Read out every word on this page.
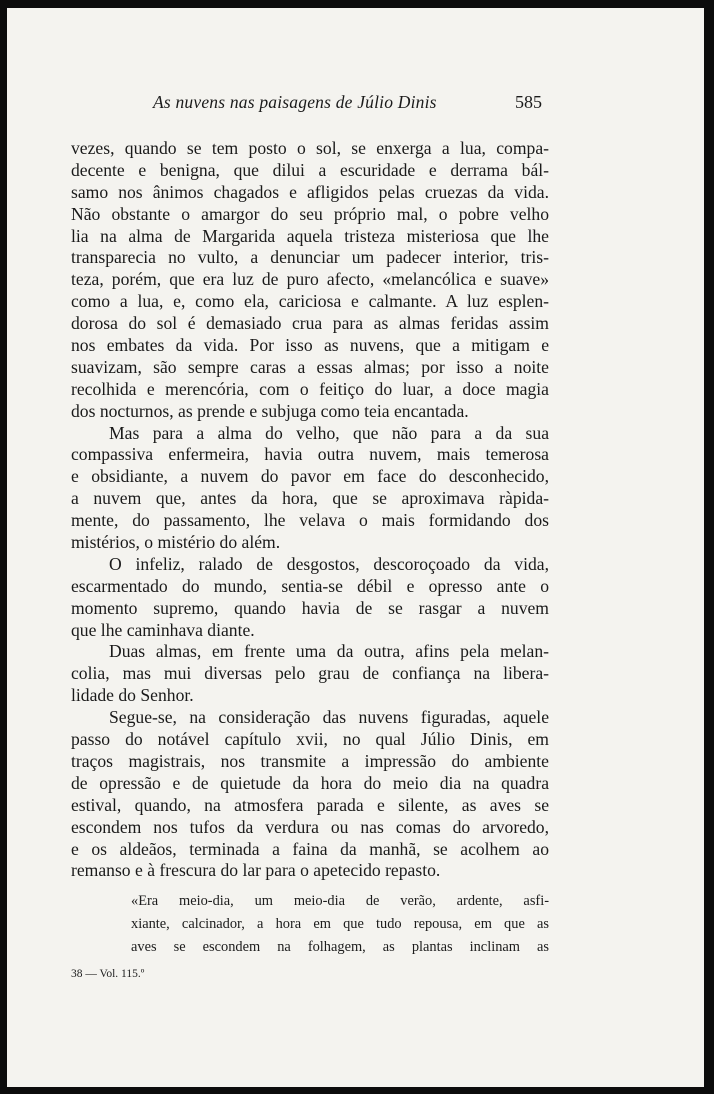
As nuvens nas paisagens de Júlio Dinis	585
vezes, quando se tem posto o sol, se enxerga a lua, compa-
decente e benigna, que dilui a escuridade e derrama bál-
samo nos ânimos chagados e afligidos pelas cruezas da vida.
Não obstante o amargor do seu próprio mal, o pobre velho
lia na alma de Margarida aquela tristeza misteriosa que lhe
transparecia no vulto, a denunciar um padecer interior, tris-
teza, porém, que era luz de puro afecto, «melancólica e suave»
como a lua, e, como ela, cariciosa e calmante. A luz esplen-
dorosa do sol é demasiado crua para as almas feridas assim
nos embates da vida. Por isso as nuvens, que a mitigam e
suavizam, são sempre caras a essas almas; por isso a noite
recolhida e merencória, com o feitiço do luar, a doce magia
dos nocturnos, as prende e subjuga como teia encantada.
Mas para a alma do velho, que não para a da sua
compassiva enfermeira, havia outra nuvem, mais temerosa
e obsidiante, a nuvem do pavor em face do desconhecido,
a nuvem que, antes da hora, que se aproximava ràpida-
mente, do passamento, lhe velava o mais formidando dos
mistérios, o mistério do além.
O infeliz, ralado de desgostos, descoroçoado da vida,
escarmentado do mundo, sentia-se débil e opresso ante o
momento supremo, quando havia de se rasgar a nuvem
que lhe caminhava diante.
Duas almas, em frente uma da outra, afins pela melan-
colia, mas mui diversas pelo grau de confiança na libera-
lidade do Senhor.
Segue-se, na consideração das nuvens figuradas, aquele
passo do notável capítulo xvii, no qual Júlio Dinis, em
traços magistrais, nos transmite a impressão do ambiente
de opressão e de quietude da hora do meio dia na quadra
estival, quando, na atmosfera parada e silente, as aves se
escondem nos tufos da verdura ou nas comas do arvoredo,
e os aldeãos, terminada a faina da manhã, se acolhem ao
remanso e à frescura do lar para o apetecido repasto.
«Era meio-dia, um meio-dia de verão, ardente, asfi-
xiante, calcinador, a hora em que tudo repousa, em que as
aves se escondem na folhagem, as plantas inclinam as
38 — Vol. 115.º
